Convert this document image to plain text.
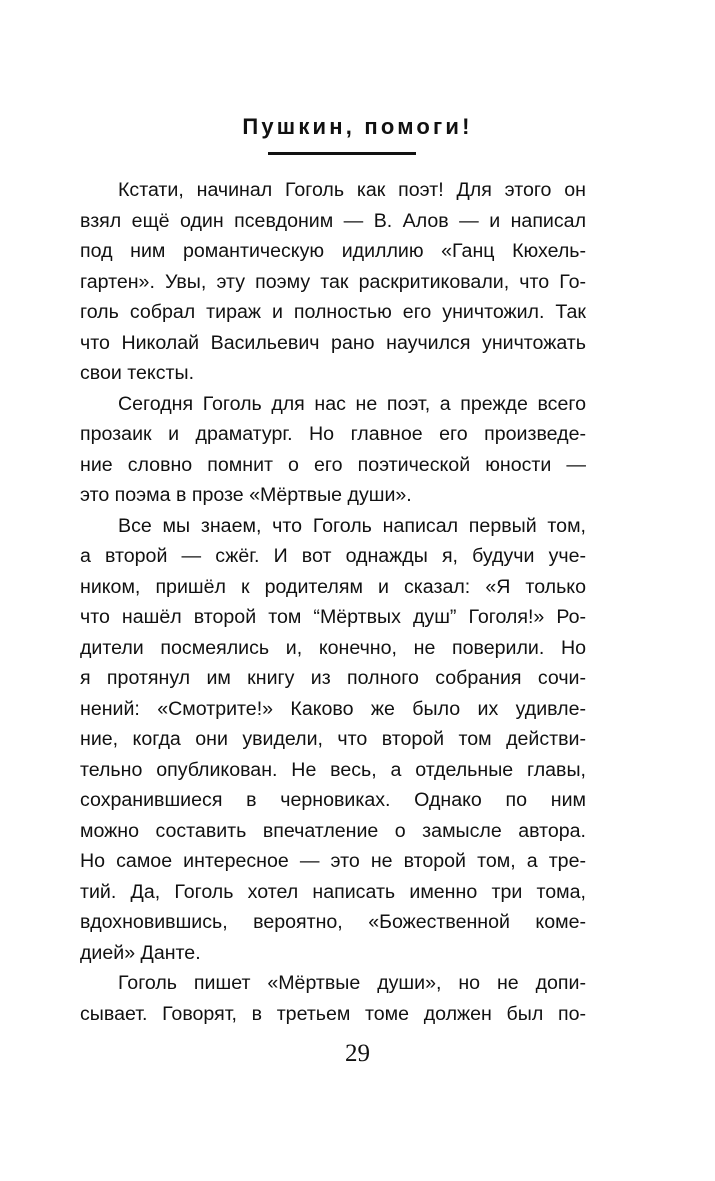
Пушкин, помоги!
Кстати, начинал Гоголь как поэт! Для этого он
взял ещё один псевдоним — В. Алов — и написал
под ним романтическую идиллию «Ганц Кюхель-
гартен». Увы, эту поэму так раскритиковали, что Го-
голь собрал тираж и полностью его уничтожил. Так
что Николай Васильевич рано научился уничтожать
свои тексты.
Сегодня Гоголь для нас не поэт, а прежде всего
прозаик и драматург. Но главное его произведе-
ние словно помнит о его поэтической юности —
это поэма в прозе «Мёртвые души».
Все мы знаем, что Гоголь написал первый том,
а второй — сжёг. И вот однажды я, будучи уче-
ником, пришёл к родителям и сказал: «Я только
что нашёл второй том “Мёртвых душ” Гоголя!» Ро-
дители посмеялись и, конечно, не поверили. Но
я протянул им книгу из полного собрания сочи-
нений: «Смотрите!» Каково же было их удивле-
ние, когда они увидели, что второй том действи-
тельно опубликован. Не весь, а отдельные главы,
сохранившиеся в черновиках. Однако по ним
можно составить впечатление о замысле автора.
Но самое интересное — это не второй том, а тре-
тий. Да, Гоголь хотел написать именно три тома,
вдохновившись, вероятно, «Божественной коме-
дией» Данте.
Гоголь пишет «Мёртвые души», но не допи-
сывает. Говорят, в третьем томе должен был по-
29
